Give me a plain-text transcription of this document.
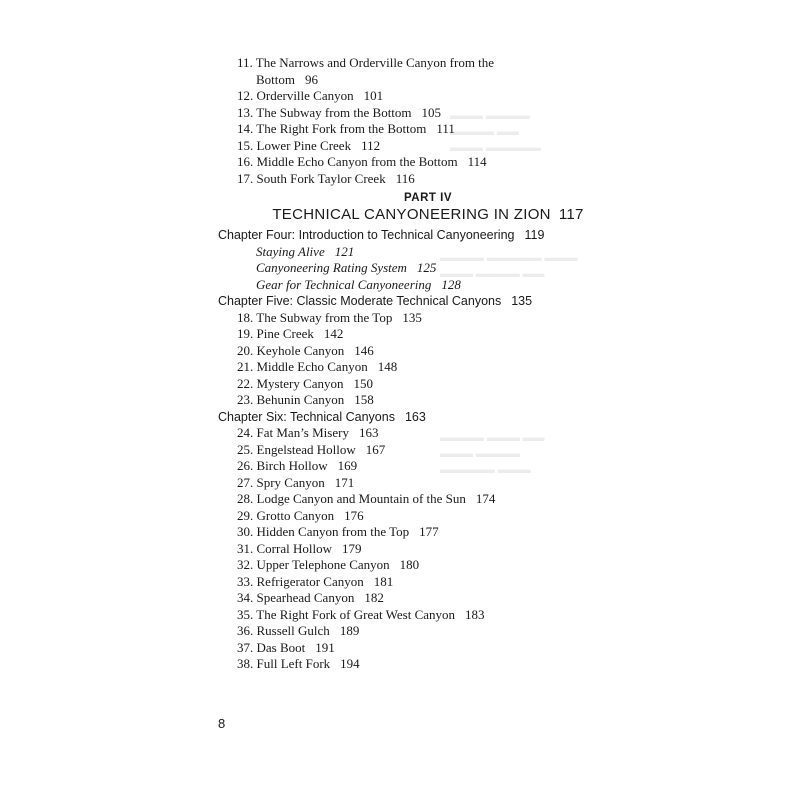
▬▬▬ ▬▬▬▬
▬▬▬▬ ▬▬
▬▬▬ ▬▬▬▬▬
▬▬▬▬ ▬▬▬▬▬ ▬▬▬
▬▬▬ ▬▬▬▬ ▬▬
▬▬▬▬ ▬▬▬ ▬▬
▬▬▬ ▬▬▬▬
▬▬▬▬▬ ▬▬▬
11. The Narrows and Orderville Canyon from the
Bottom 96
12. Orderville Canyon 101
13. The Subway from the Bottom 105
14. The Right Fork from the Bottom 111
15. Lower Pine Creek 112
16. Middle Echo Canyon from the Bottom 114
17. South Fork Taylor Creek 116
PART IV
TECHNICAL CANYONEERING IN ZION 117
Chapter Four: Introduction to Technical Canyoneering 119
Staying Alive 121
Canyoneering Rating System 125
Gear for Technical Canyoneering 128
Chapter Five: Classic Moderate Technical Canyons 135
18. The Subway from the Top 135
19. Pine Creek 142
20. Keyhole Canyon 146
21. Middle Echo Canyon 148
22. Mystery Canyon 150
23. Behunin Canyon 158
Chapter Six: Technical Canyons 163
24. Fat Man’s Misery 163
25. Engelstead Hollow 167
26. Birch Hollow 169
27. Spry Canyon 171
28. Lodge Canyon and Mountain of the Sun 174
29. Grotto Canyon 176
30. Hidden Canyon from the Top 177
31. Corral Hollow 179
32. Upper Telephone Canyon 180
33. Refrigerator Canyon 181
34. Spearhead Canyon 182
35. The Right Fork of Great West Canyon 183
36. Russell Gulch 189
37. Das Boot 191
38. Full Left Fork 194
8
